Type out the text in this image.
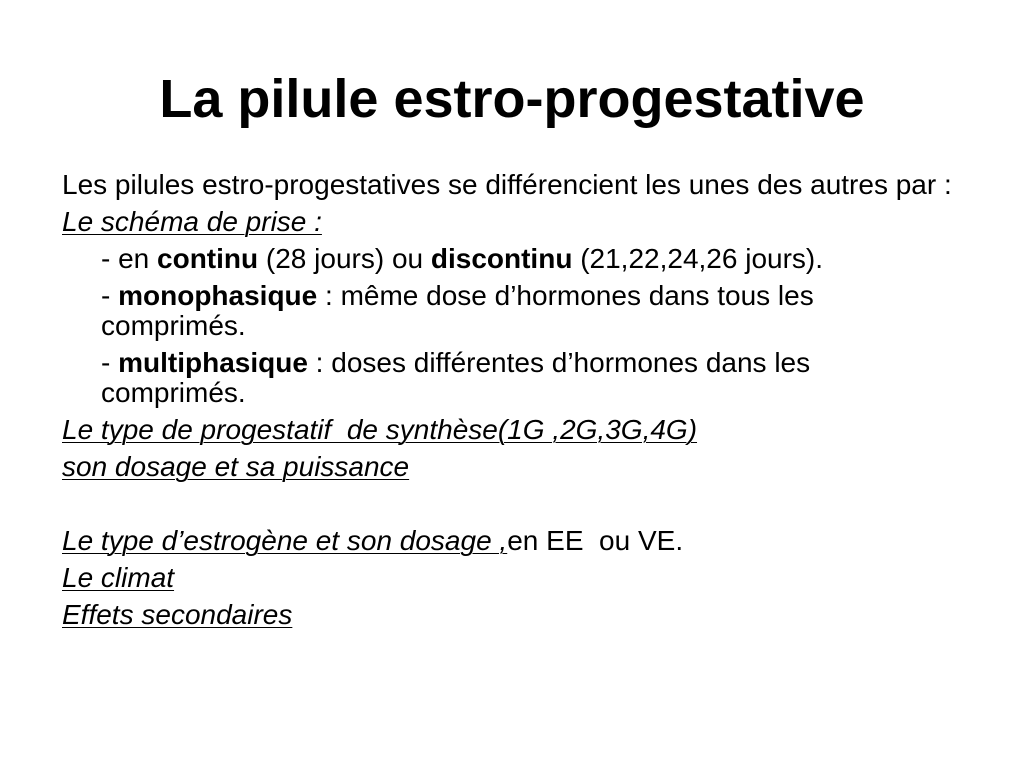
La pilule estro-progestative
Les pilules estro-progestatives se différencient les unes des autres par :
Le schéma de prise :
- en continu (28 jours) ou discontinu (21,22,24,26 jours).
- monophasique : même dose d’hormones dans tous les
comprimés.
- multiphasique : doses différentes d’hormones dans les
comprimés.
Le type de progestatif  de synthèse(1G ,2G,3G,4G)
son dosage et sa puissance
Le type d’estrogène et son dosage , en EE  ou VE.
Le climat
Effets secondaires
